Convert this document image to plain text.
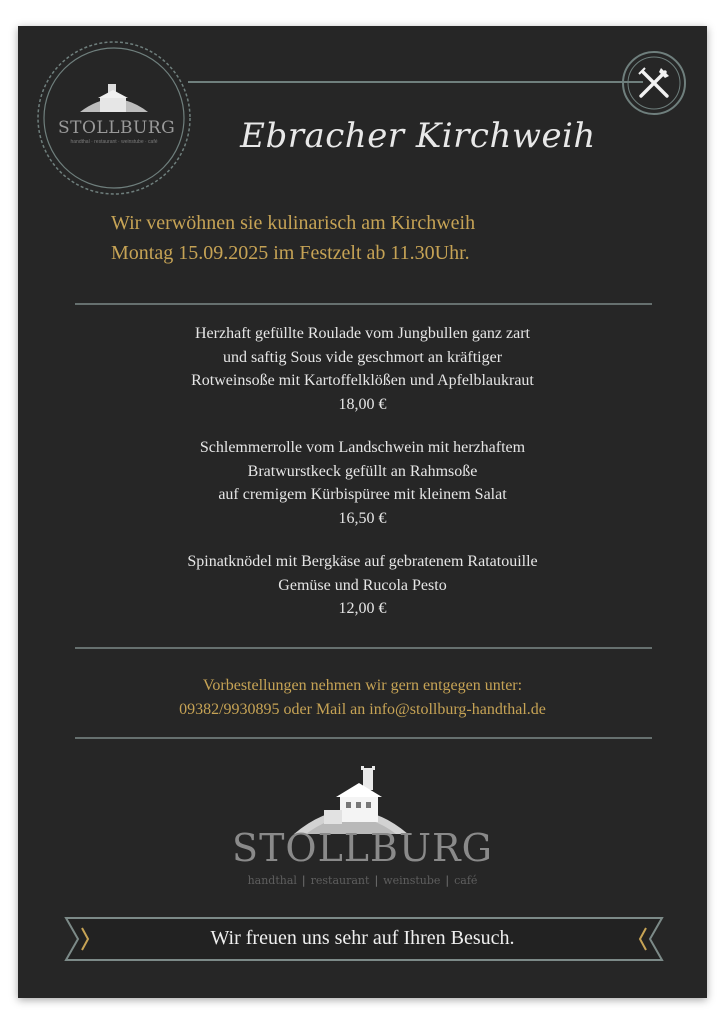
STOLLBURG
handthal · restaurant · weinstube · café	Ebracher Kirchweih
Wir verwöhnen sie kulinarisch am Kirchweih
Montag 15.09.2025 im Festzelt ab 11.30Uhr.
Herzhaft gefüllte Roulade vom Jungbullen ganz zart
und saftig Sous vide geschmort an kräftiger
Rotweinsoße mit Kartoffelklößen und Apfelblaukraut
18,00 €
Schlemmerrolle vom Landschwein mit herzhaftem
Bratwurstkeck gefüllt an Rahmsoße
auf cremigem Kürbispüree mit kleinem Salat
16,50 €
Spinatknödel mit Bergkäse auf gebratenem Ratatouille
Gemüse und Rucola Pesto
12,00 €
Vorbestellungen nehmen wir gern entgegen unter:
09382/9930895 oder Mail an info@stollburg-handthal.de
STOLLBURG
handthal | restaurant | weinstube | café
Wir freuen uns sehr auf Ihren Besuch.
